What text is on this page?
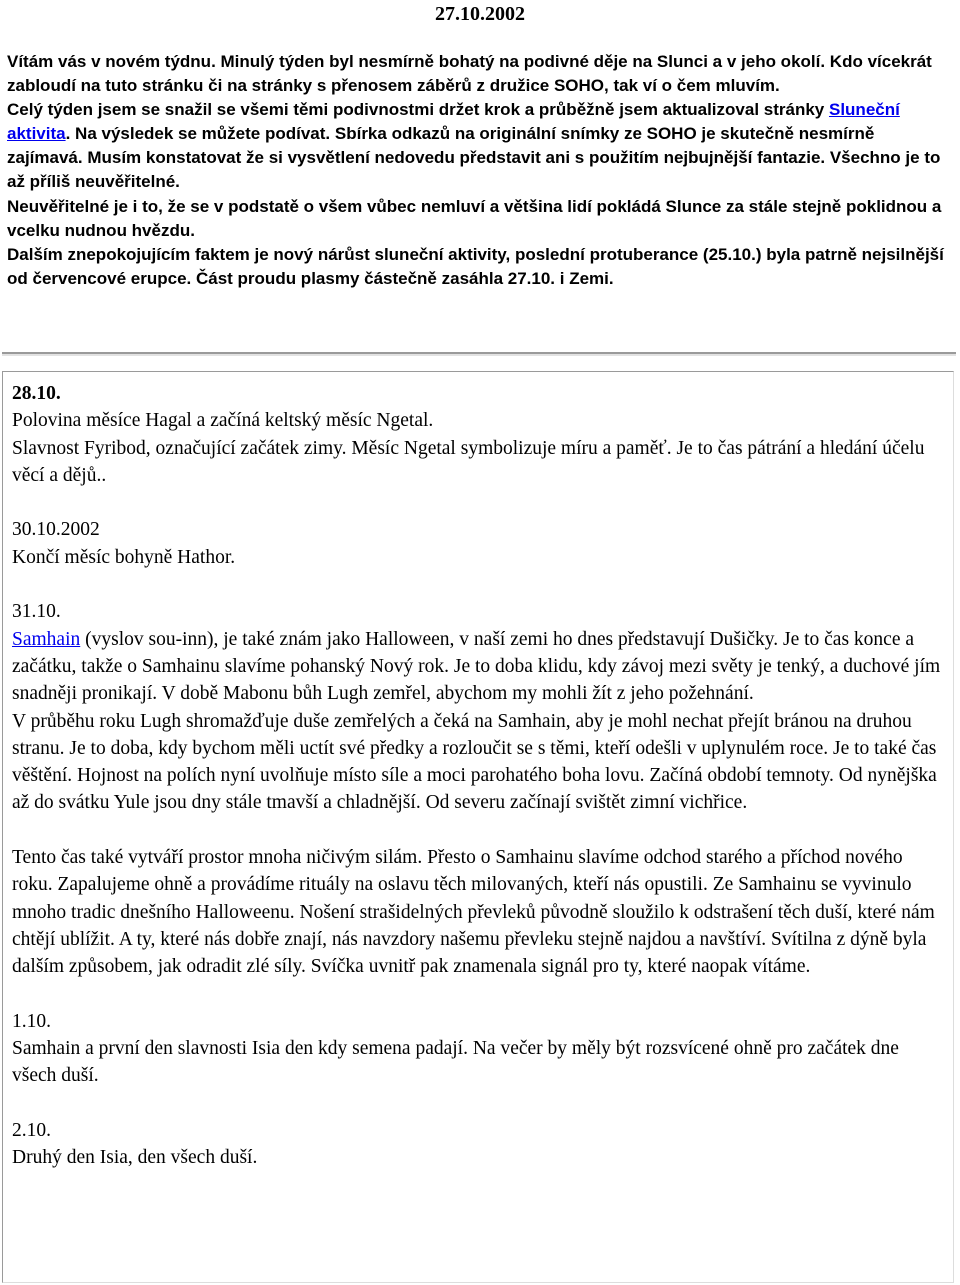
27.10.2002

Vítám vás v novém týdnu. Minulý týden byl nesmírně bohatý na podivné děje na Slunci a v jeho okolí. Kdo vícekrát zabloudí na tuto stránku či na stránky s přenosem záběrů z družice SOHO, tak ví o čem mluvím.

Celý týden jsem se snažil se všemi těmi podivnostmi držet krok a průběžně jsem aktualizoval stránky Sluneční aktivita. Na výsledek se můžete podívat. Sbírka odkazů na originální snímky ze SOHO je skutečně nesmírně zajímavá. Musím konstatovat že si vysvětlení nedovedu představit ani s použitím nejbujnější fantazie. Všechno je to až příliš neuvěřitelné.

Neuvěřitelné je i to, že se v podstatě o všem vůbec nemluví a většina lidí pokládá Slunce za stále stejně poklidnou a vcelku nudnou hvězdu.

Dalším znepokojujícím faktem je nový nárůst sluneční aktivity, poslední protuberance (25.10.) byla patrně nejsilnější od červencové erupce. Část proudu plasmy částečně zasáhla 27.10. i Zemi.

28.10.

Polovina měsíce Hagal a začíná keltský měsíc Ngetal.

Slavnost Fyribod, označující začátek zimy. Měsíc Ngetal symbolizuje míru a paměť. Je to čas pátrání a hledání účelu věcí a dějů..

30.10.2002

Končí měsíc bohyně Hathor.

31.10.

Samhain (vyslov sou-inn), je také znám jako Halloween, v naší zemi ho dnes představují Dušičky. Je to čas konce a začátku, takže o Samhainu slavíme pohanský Nový rok. Je to doba klidu, kdy závoj mezi světy je tenký, a duchové jím snadněji pronikají. V době Mabonu bůh Lugh zemřel, abychom my mohli žít z jeho požehnání.

V průběhu roku Lugh shromažďuje duše zemřelých a čeká na Samhain, aby je mohl nechat přejít bránou na druhou stranu. Je to doba, kdy bychom měli uctít své předky a rozloučit se s těmi, kteří odešli v uplynulém roce. Je to také čas věštění. Hojnost na polích nyní uvolňuje místo síle a moci parohatého boha lovu. Začíná období temnoty. Od nynějška až do svátku Yule jsou dny stále tmavší a chladnější. Od severu začínají svištět zimní vichřice.

Tento čas také vytváří prostor mnoha ničivým silám. Přesto o Samhainu slavíme odchod starého a příchod nového roku. Zapalujeme ohně a provádíme rituály na oslavu těch milovaných, kteří nás opustili. Ze Samhainu se vyvinulo mnoho tradic dnešního Halloweenu. Nošení strašidelných převleků původně sloužilo k odstrašení těch duší, které nám chtějí ublížit. A ty, které nás dobře znají, nás navzdory našemu převleku stejně najdou a navštíví. Svítilna z dýně byla dalším způsobem, jak odradit zlé síly. Svíčka uvnitř pak znamenala signál pro ty, které naopak vítáme.

1.10.

Samhain a první den slavnosti Isia den kdy semena padají. Na večer by měly být rozsvícené ohně pro začátek dne všech duší.

2.10.

Druhý den Isia, den všech duší.
